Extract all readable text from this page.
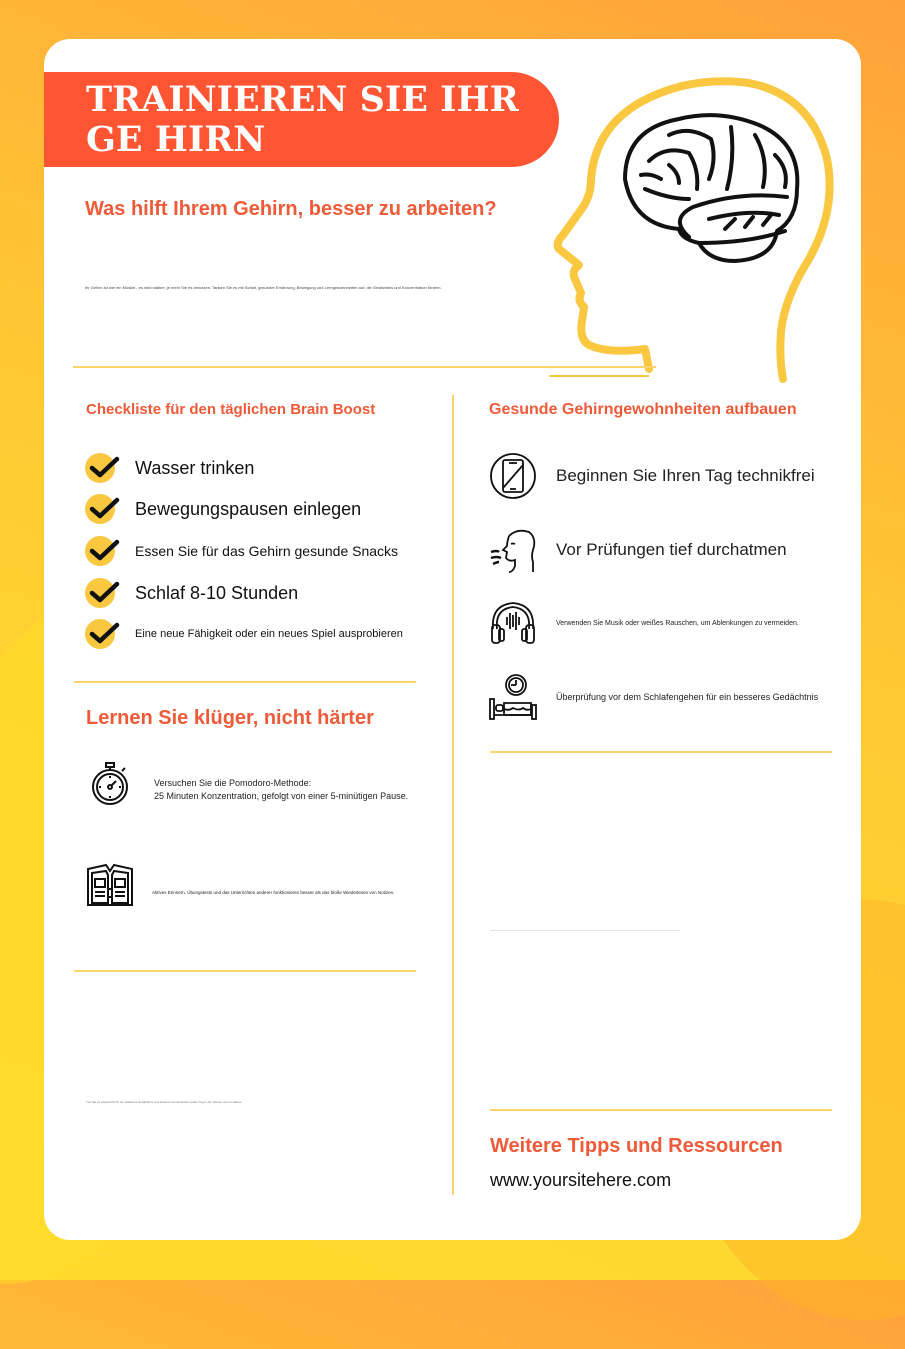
TRAINIEREN SIE IHR GE HIRN
Was hilft Ihrem Gehirn, besser zu arbeiten?
Ihr Gehirn ist wie ein Muskel - es wird stärker, je mehr Sie es benutzen. Tanken Sie es mit Schlaf, gesunder Ernährung, Bewegung und Lerngewohnheiten auf, die Gedächtnis und Konzentration fördern.
Checkliste für den täglichen Brain Boost
Wasser trinken
Bewegungspausen einlegen
Essen Sie für das Gehirn gesunde Snacks
Schlaf 8-10 Stunden
Eine neue Fähigkeit oder ein neues Spiel ausprobieren
Lernen Sie klüger, nicht härter
Versuchen Sie die Pomodoro-Methode:
25 Minuten Konzentration, gefolgt von einer 5-minütigen Pause.
Aktives Erinnern, Übungstests und das Unterrichten anderer funktionieren besser als das bloße Wiederlesen von Notizen.
Tun Sie es wiederholt für ein stärkeres Gedächtnis und bessere Konzentration jeden Tag in der Schule und zu Hause.
Gesunde Gehirngewohnheiten aufbauen
Beginnen Sie Ihren Tag technikfrei
Vor Prüfungen tief durchatmen
Verwenden Sie Musik oder weißes Rauschen, um Ablenkungen zu vermeiden.
Überprüfung vor dem Schlafengehen für ein besseres Gedächtnis
Weitere Tipps und Ressourcen
www.yoursitehere.com
